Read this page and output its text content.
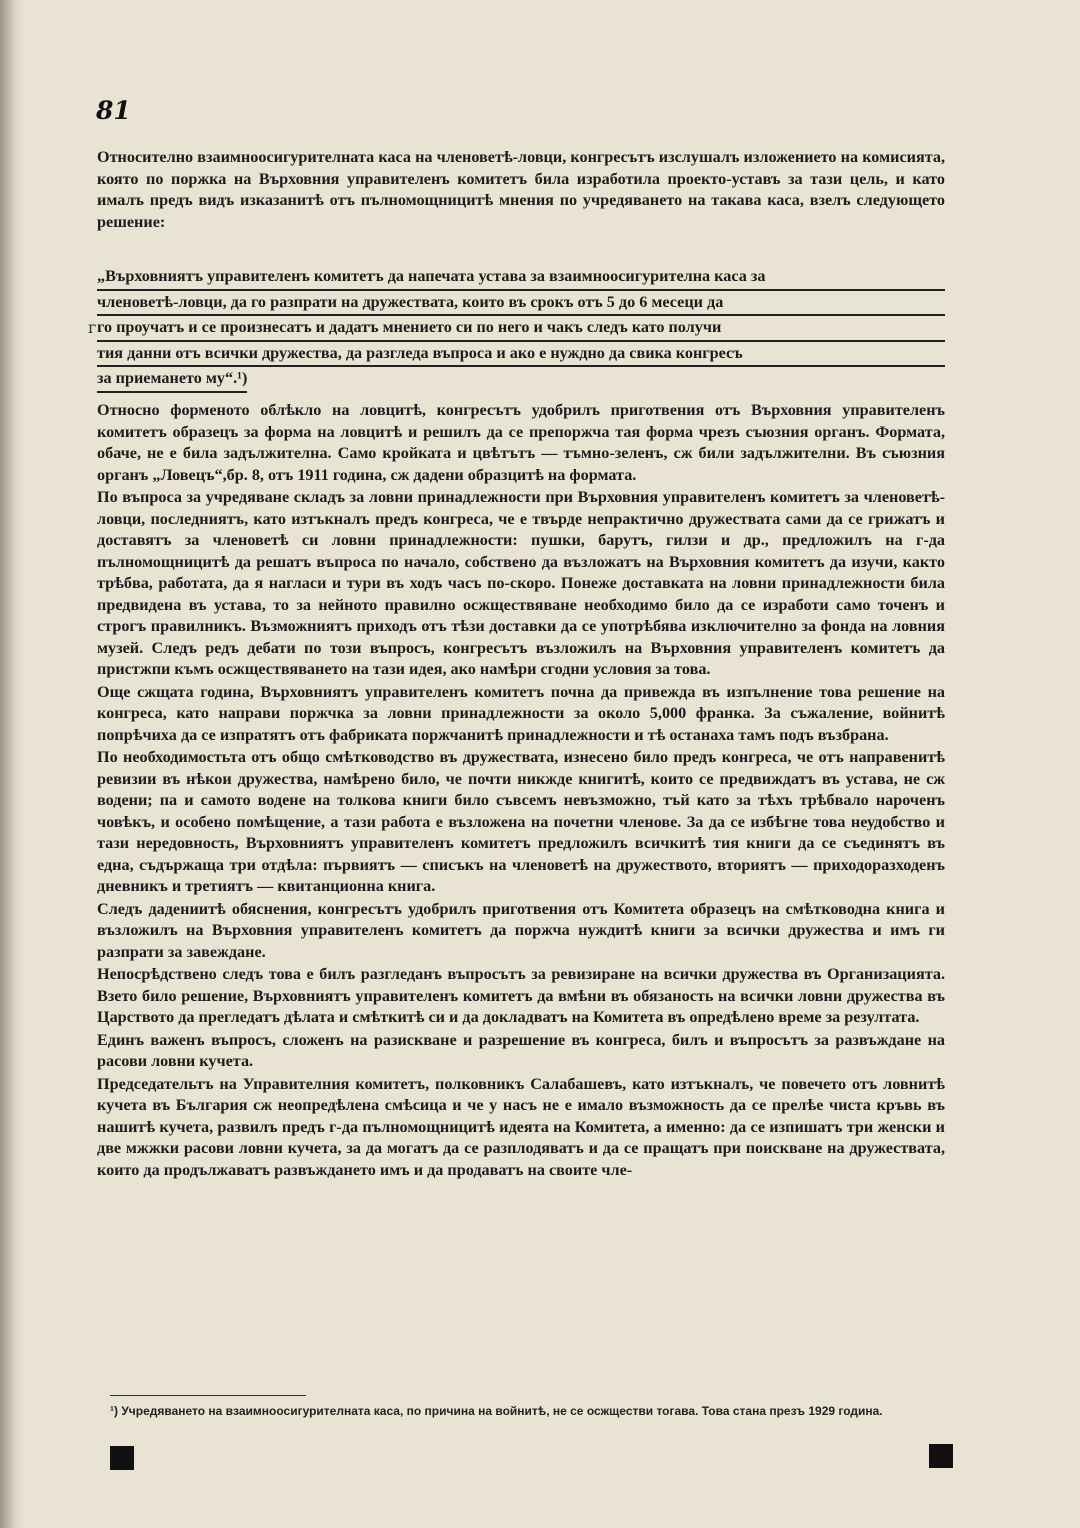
81

Относително взаимноосигурителната каса на членоветѣ-ловци, конгресътъ изслушалъ изложението на комисията, която по поржка на Върховния управителенъ комитетъ била изработила проекто-уставъ за тази цель, и като ималъ предъ видъ изказанитѣ отъ пълномощницитѣ мнения по учредяването на такава каса, взелъ следующето решение:

г

„Върховниятъ управителенъ комитетъ да напечата устава за взаимноосигурителна каса за
членоветѣ-ловци, да го разпрати на дружествата, които въ срокъ отъ 5 до 6 месеци да
го проучатъ и се произнесатъ и дадатъ мнението си по него и чакъ следъ като получи
тия данни отъ всички дружества, да разгледа въпроса и ако е нуждно да свика конгресъ
за приемането му“.¹)

Относно форменото облѣкло на ловцитѣ, конгресътъ удобрилъ приготвения отъ Върховния управителенъ комитетъ образецъ за форма на ловцитѣ и решилъ да се препоржча тая форма чрезъ съюзния органъ. Формата, обаче, не е била задължителна. Само кройката и цвѣтътъ — тъмно-зеленъ, сж били задължителни. Въ съюзния органъ „Ловецъ“,бр. 8, отъ 1911 година, сж дадени образцитѣ на формата.

По въпроса за учредяване складъ за ловни принадлежности при Върховния управителенъ комитетъ за членоветѣ-ловци, последниятъ, като изтъкналъ предъ конгреса, че е твърде непрактично дружествата сами да се грижатъ и доставятъ за членоветѣ си ловни принадлежности: пушки, барутъ, гилзи и др., предложилъ на г-да пълномощницитѣ да решатъ въпроса по начало, собствено да възложатъ на Върховния комитетъ да изучи, както трѣбва, работата, да я нагласи и тури въ ходъ часъ по-скоро. Понеже доставката на ловни принадлежности била предвидена въ устава, то за нейното правилно осжществяване необходимо било да се изработи само точенъ и строгъ правилникъ. Възможниятъ приходъ отъ тѣзи доставки да се употрѣбява изключително за фонда на ловния музей. Следъ редъ дебати по този въпросъ, конгресътъ възложилъ на Върховния управителенъ комитетъ да пристжпи къмъ осжществяването на тази идея, ако намѣри сгодни условия за това.

Още сжщата година, Върховниятъ управителенъ комитетъ почна да привежда въ изпълнение това решение на конгреса, като направи поржчка за ловни принадлежности за около 5,000 франка. За съжаление, войнитѣ попрѣчиха да се изпратятъ отъ фабриката поржчанитѣ принадлежности и тѣ останаха тамъ подъ възбрана.

По необходимостьта отъ общо смѣтководство въ дружествата, изнесено било предъ конгреса, че отъ направенитѣ ревизии въ нѣкои дружества, намѣрено било, че почти никжде книгитѣ, които се предвиждатъ въ устава, не сж водени; па и самото водене на толкова книги било съвсемъ невъзможно, тъй като за тѣхъ трѣбвало нароченъ човѣкъ, и особено помѣщение, а тази работа е възложена на почетни членове. За да се избѣгне това неудобство и тази нередовность, Върховниятъ управителенъ комитетъ предложилъ всичкитѣ тия книги да се съединятъ въ една, съдържаща три отдѣла: първиятъ — списъкъ на членоветѣ на дружеството, вториятъ — приходоразходенъ дневникъ и третиятъ — квитанционна книга.

Следъ дадениитѣ обяснения, конгресътъ удобрилъ приготвения отъ Комитета образецъ на смѣтководна книга и възложилъ на Върховния управителенъ комитетъ да поржча нуждитѣ книги за всички дружества и имъ ги разпрати за завеждане.

Непосрѣдствено следъ това е билъ разгледанъ въпросътъ за ревизиране на всички дружества въ Организацията. Взето било решение, Върховниятъ управителенъ комитетъ да вмѣни въ обязаность на всички ловни дружества въ Царството да прегледатъ дѣлата и смѣткитѣ си и да докладватъ на Комитета въ опредѣлено време за резултата.

Единъ важенъ въпросъ, сложенъ на разискване и разрешение въ конгреса, билъ и въпросътъ за развъждане на расови ловни кучета.

Председательтъ на Управителния комитетъ, полковникъ Салабашевъ, като изтъкналъ, че повечето отъ ловнитѣ кучета въ България сж неопредѣлена смѣсица и че у насъ не е имало възможность да се прелѣе чиста кръвь въ нашитѣ кучета, развилъ предъ г-да пълномощницитѣ идеята на Комитета, а именно: да се изпишатъ три женски и две мжжки расови ловни кучета, за да могатъ да се разплодяватъ и да се пращатъ при поискване на дружествата, които да продължаватъ развъждането имъ и да продаватъ на своите чле-

¹) Учредяването на взаимноосигурителната каса, по причина на войнитѣ, не се осжществи тогава. Това стана презъ 1929 година.
